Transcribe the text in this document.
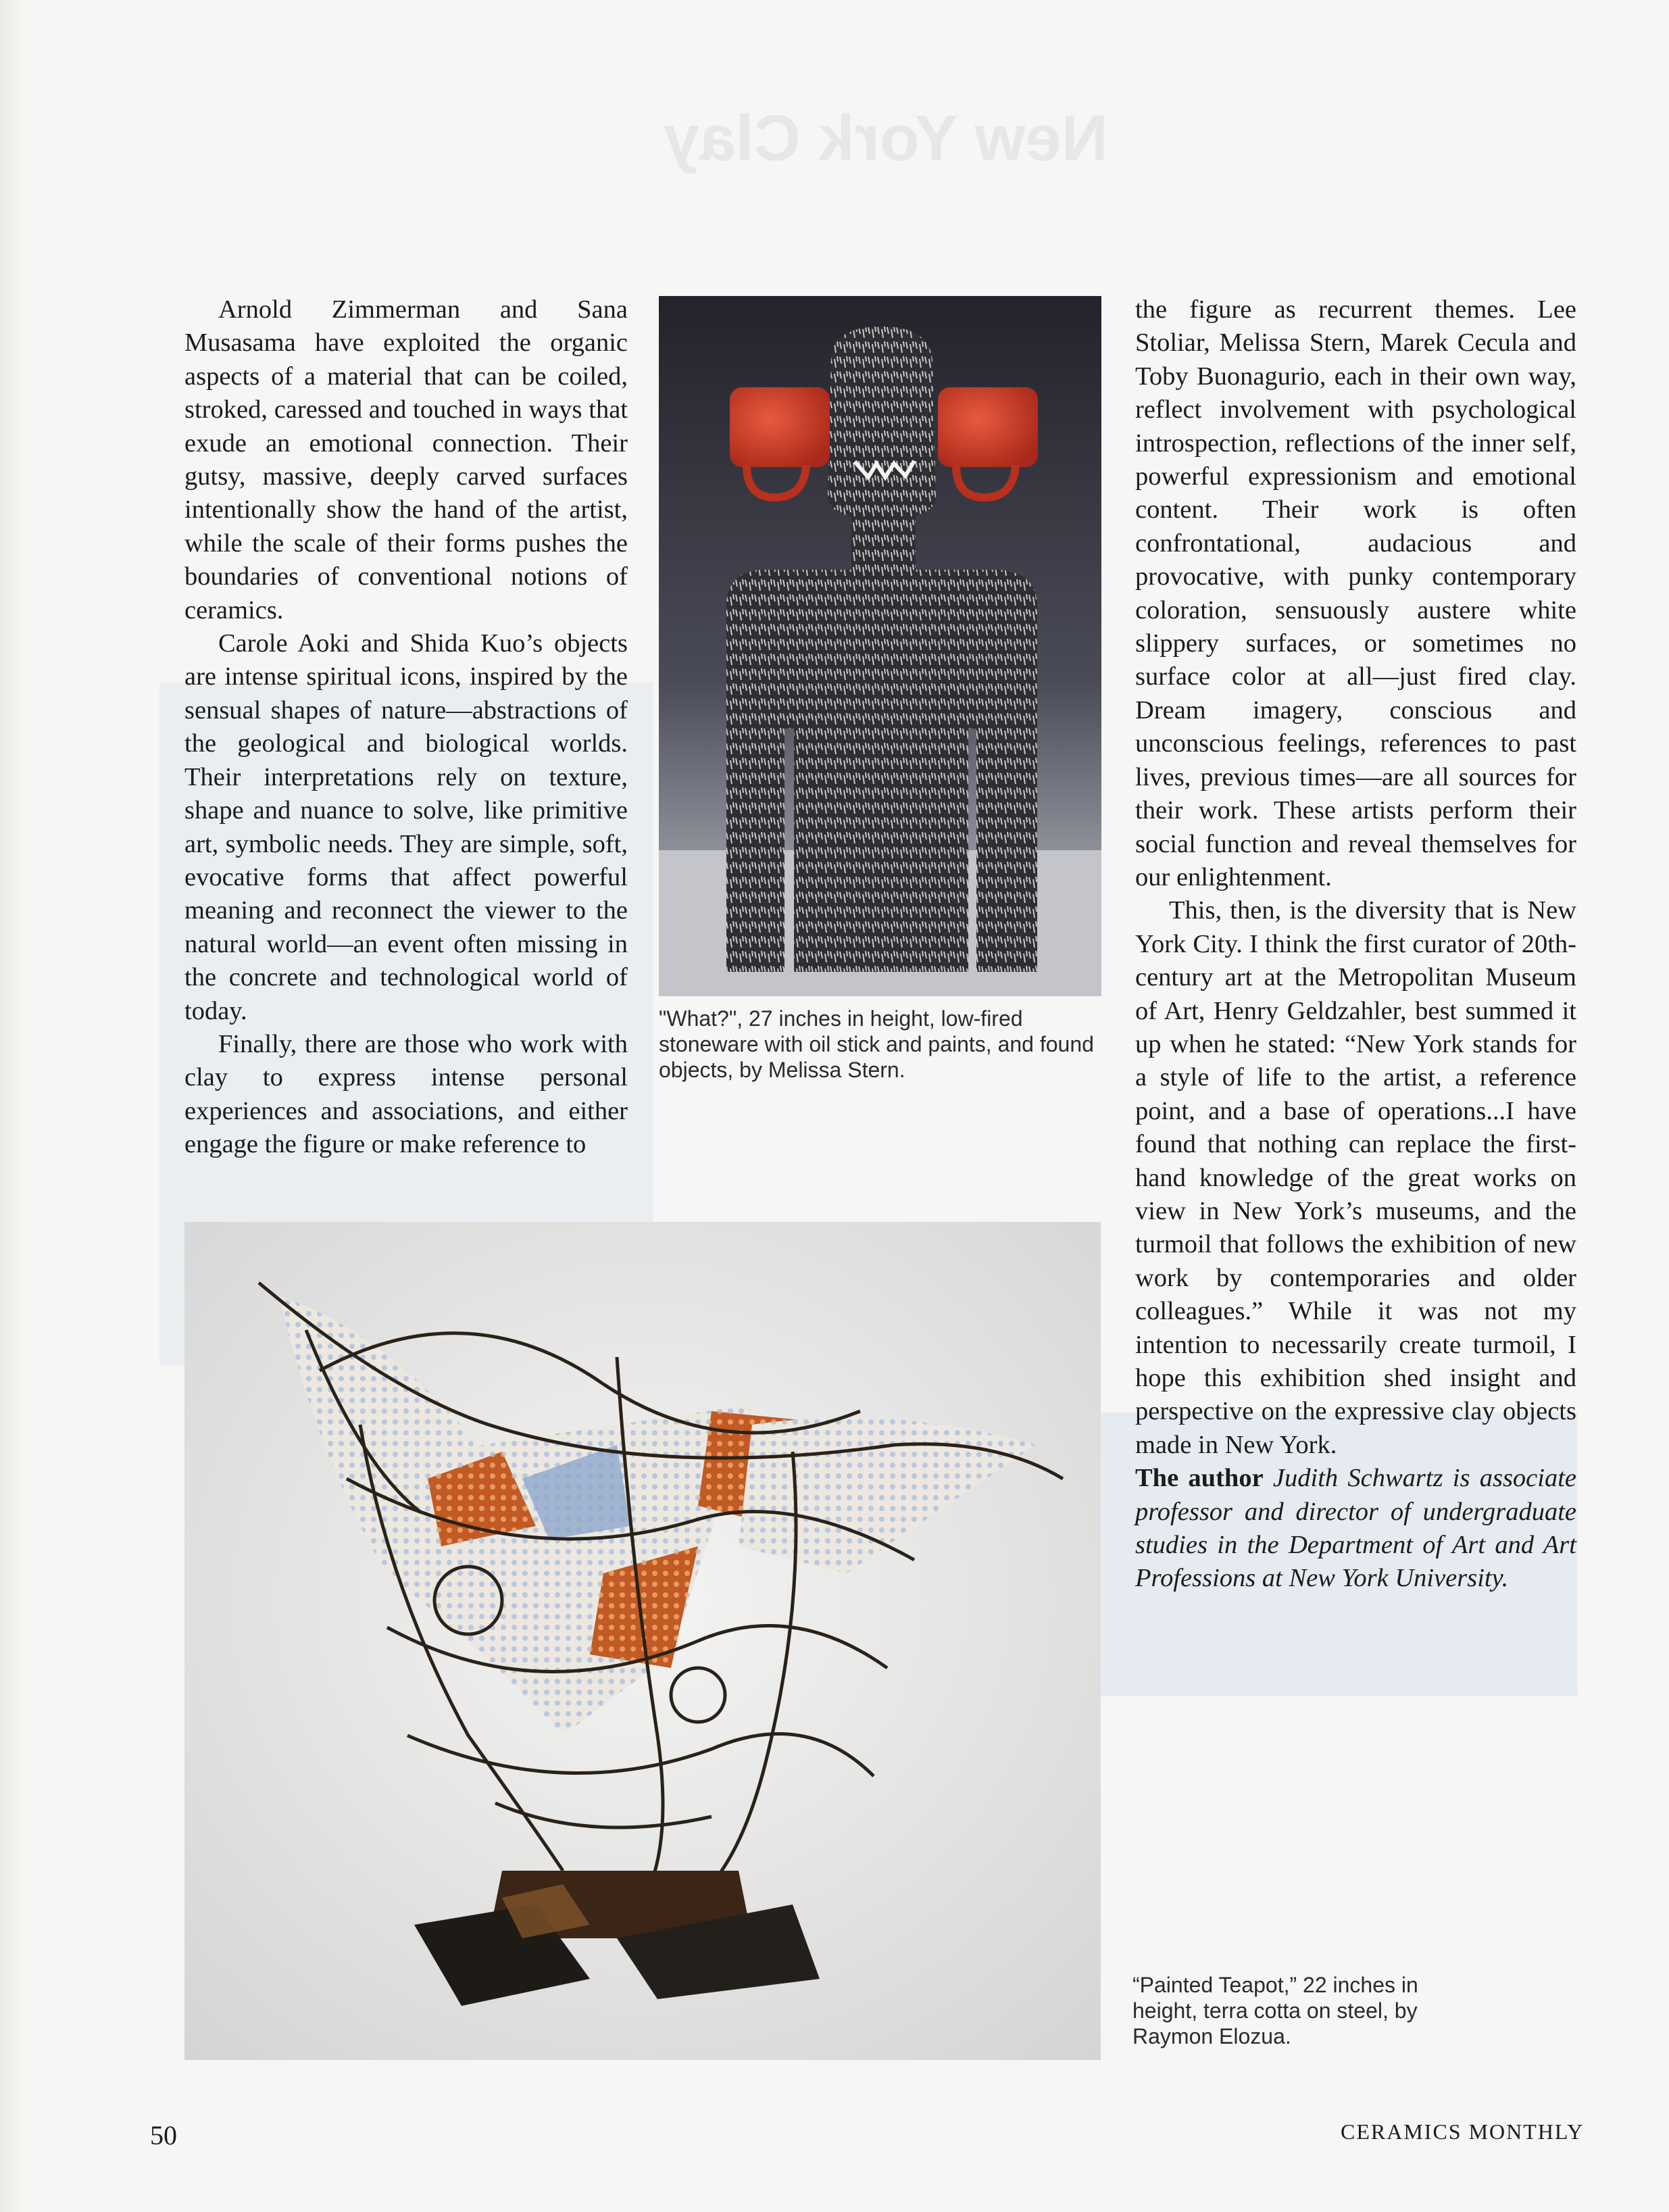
New York Clay

Arnold Zimmerman and Sana Musasama have exploited the organic aspects of a material that can be coiled, stroked, caressed and touched in ways that exude an emotional connection. Their gutsy, massive, deeply carved surfaces intentionally show the hand of the artist, while the scale of their forms pushes the boundaries of conventional notions of ceramics.

Carole Aoki and Shida Kuo’s objects are intense spiritual icons, inspired by the sensual shapes of nature—abstractions of the geological and biological worlds. Their interpretations rely on texture, shape and nuance to solve, like primitive art, symbolic needs. They are simple, soft, evocative forms that affect powerful meaning and reconnect the viewer to the natural world—an event often missing in the concrete and technological world of today.

Finally, there are those who work with clay to express intense personal experiences and associations, and either engage the figure or make reference to

"What?", 27 inches in height, low-fired stoneware with oil stick and paints, and found objects, by Melissa Stern.

the figure as recurrent themes. Lee Stoliar, Melissa Stern, Marek Cecula and Toby Buonagurio, each in their own way, reflect involvement with psychological introspection, reflections of the inner self, powerful expressionism and emotional content. Their work is often confrontational, audacious and provocative, with punky contemporary coloration, sensuously austere white slippery surfaces, or sometimes no surface color at all—just fired clay. Dream imagery, conscious and unconscious feelings, references to past lives, previous times—are all sources for their work. These artists perform their social function and reveal themselves for our enlightenment.

This, then, is the diversity that is New York City. I think the first curator of 20th-century art at the Metropolitan Museum of Art, Henry Geldzahler, best summed it up when he stated: “New York stands for a style of life to the artist, a reference point, and a base of operations...I have found that nothing can replace the first-hand knowledge of the great works on view in New York’s museums, and the turmoil that follows the exhibition of new work by contemporaries and older colleagues.” While it was not my intention to necessarily create turmoil, I hope this exhibition shed insight and perspective on the expressive clay objects made in New York.

The author Judith Schwartz is associate professor and director of undergraduate studies in the Department of Art and Art Professions at New York University.

“Painted Teapot,” 22 inches in height, terra cotta on steel, by Raymon Elozua.
50	CERAMICS MONTHLY
